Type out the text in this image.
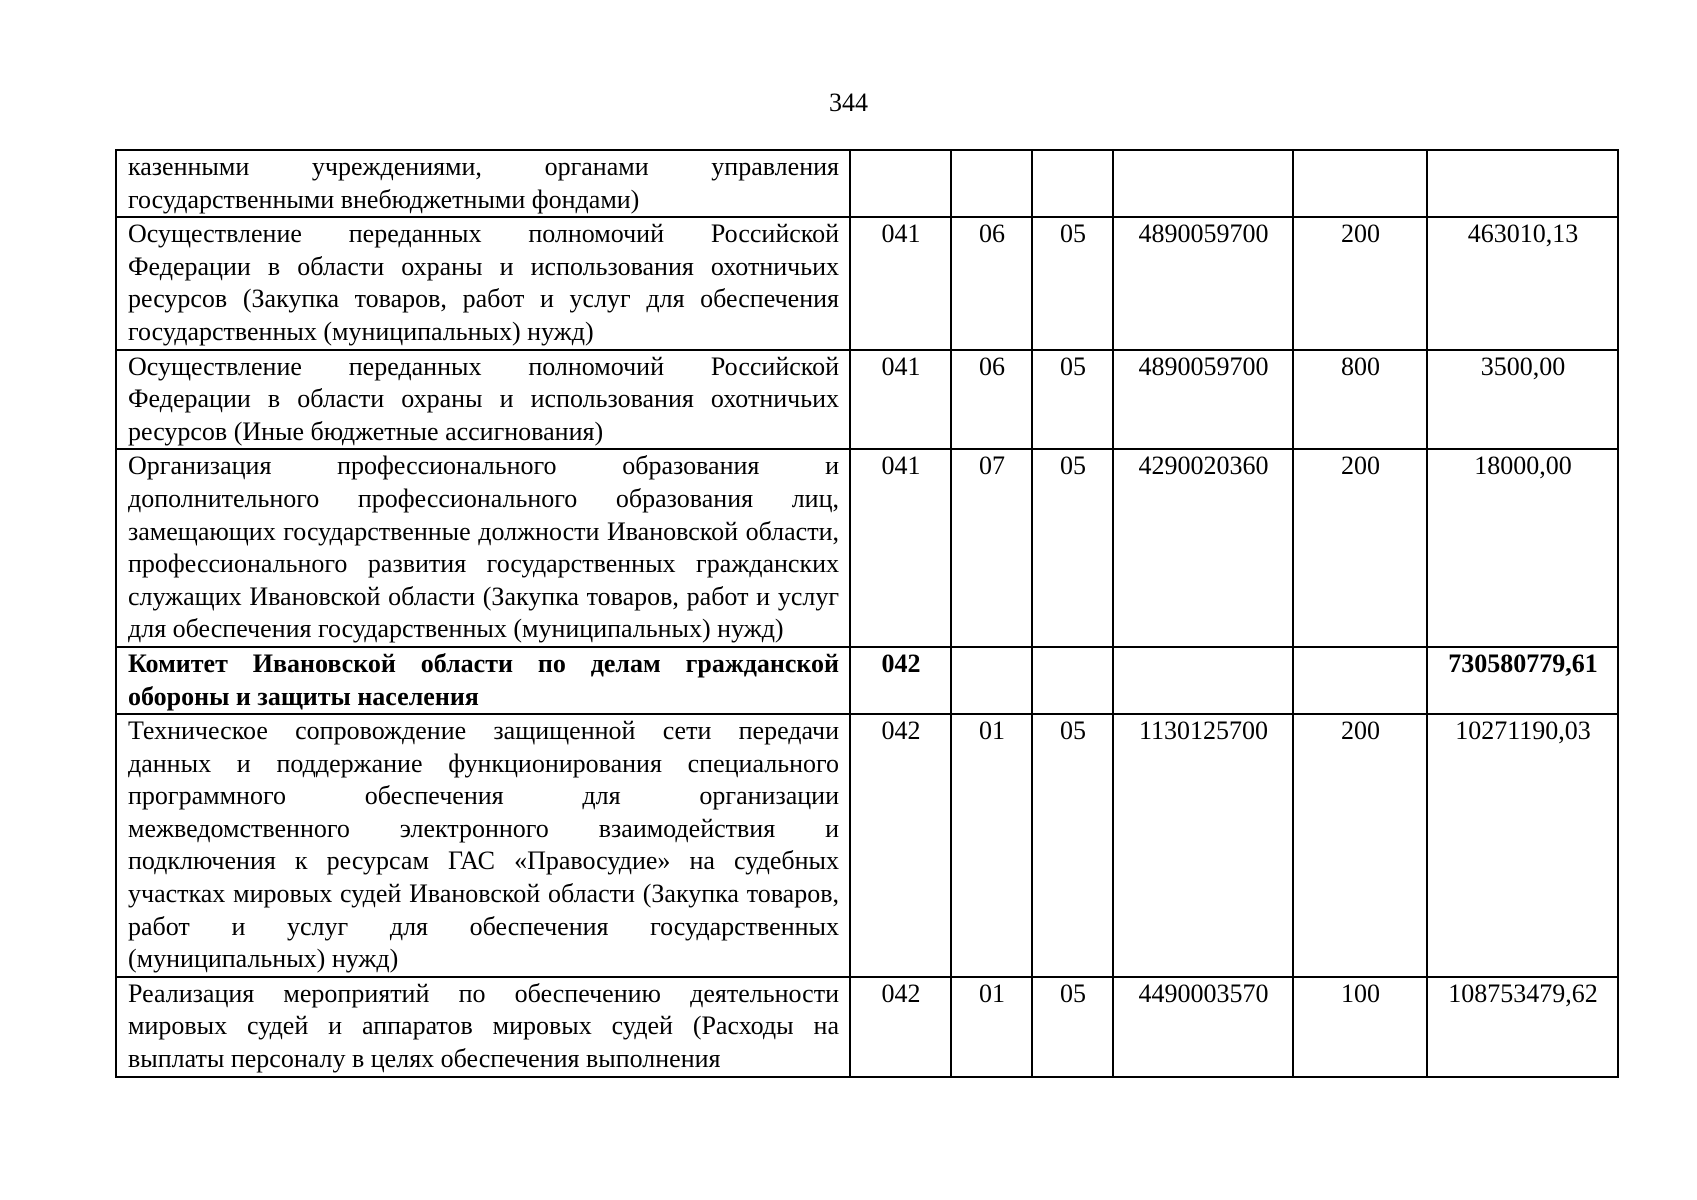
344
казенными учреждениями, органами управления государственными внебюджетными фондами)						
Осуществление переданных полномочий Российской Федерации в области охраны и использования охотничьих ресурсов (Закупка товаров, работ и услуг для обеспечения государственных (муниципальных) нужд)	041	06	05	4890059700	200	463010,13
Осуществление переданных полномочий Российской Федерации в области охраны и использования охотничьих ресурсов (Иные бюджетные ассигнования)	041	06	05	4890059700	800	3500,00
Организация профессионального образования и дополнительного профессионального образования лиц, замещающих государственные должности Ивановской области, профессионального развития государственных гражданских служащих Ивановской области (Закупка товаров, работ и услуг для обеспечения государственных (муниципальных) нужд)	041	07	05	4290020360	200	18000,00
Комитет Ивановской области по делам гражданской обороны и защиты населения	042					730580779,61
Техническое сопровождение защищенной сети передачи данных и поддержание функционирования специального программного обеспечения для организации межведомственного электронного взаимодействия и подключения к ресурсам ГАС «Правосудие» на судебных участках мировых судей Ивановской области (Закупка товаров, работ и услуг для обеспечения государственных (муниципальных) нужд)	042	01	05	1130125700	200	10271190,03
Реализация мероприятий по обеспечению деятельности мировых судей и аппаратов мировых судей (Расходы на выплаты персоналу в целях обеспечения выполнения	042	01	05	4490003570	100	108753479,62
